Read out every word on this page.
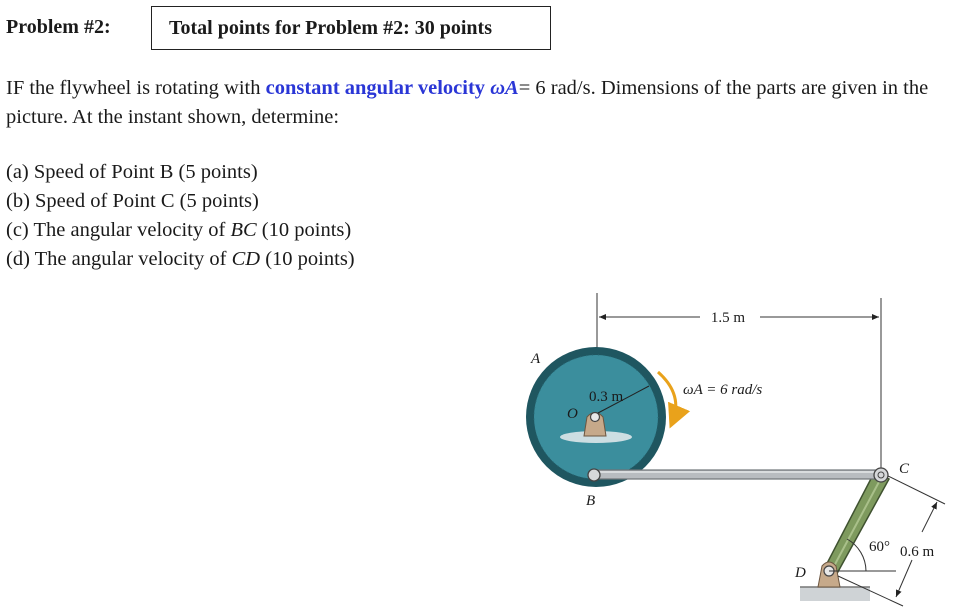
Problem #2:	Total points for Problem #2: 30 points
IF the flywheel is rotating with constant angular velocity ωA= 6 rad/s. Dimensions of the parts are given in the picture. At the instant shown, determine:
(a) Speed of Point B (5 points)
(b) Speed of Point C (5 points)
(c) The angular velocity of BC (10 points)
(d) The angular velocity of CD (10 points)
1.5 m
60° 0.6 m
ωA = 6 rad/s
A
O
0.3 m
B
C
D
